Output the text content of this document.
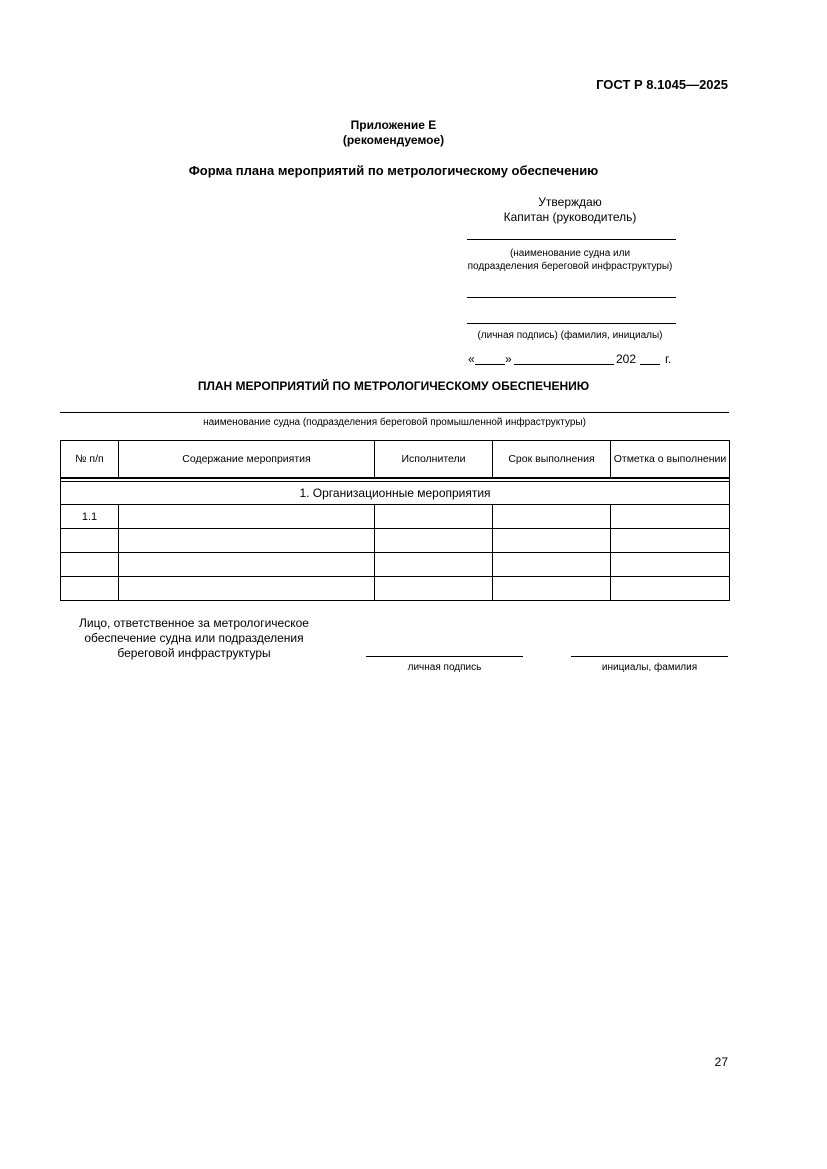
ГОСТ Р 8.1045—2025
Приложение Е
(рекомендуемое)
Форма плана мероприятий по метрологическому обеспечению
Утверждаю
Капитан (руководитель)
(наименование судна или
подразделения береговой инфраструктуры)
(личная подпись) (фамилия, инициалы)
«	»	202 г.
ПЛАН МЕРОПРИЯТИЙ ПО МЕТРОЛОГИЧЕСКОМУ ОБЕСПЕЧЕНИЮ
наименование судна (подразделения береговой промышленной инфраструктуры)
№ п/п	Содержание мероприятия	Исполнители	Срок выполнения	Отметка о выполнении

1. Организационные мероприятия				
1.1				

Лицо, ответственное за метрологическое
обеспечение судна или подразделения
береговой инфраструктуры
личная подпись	инициалы, фамилия
27
